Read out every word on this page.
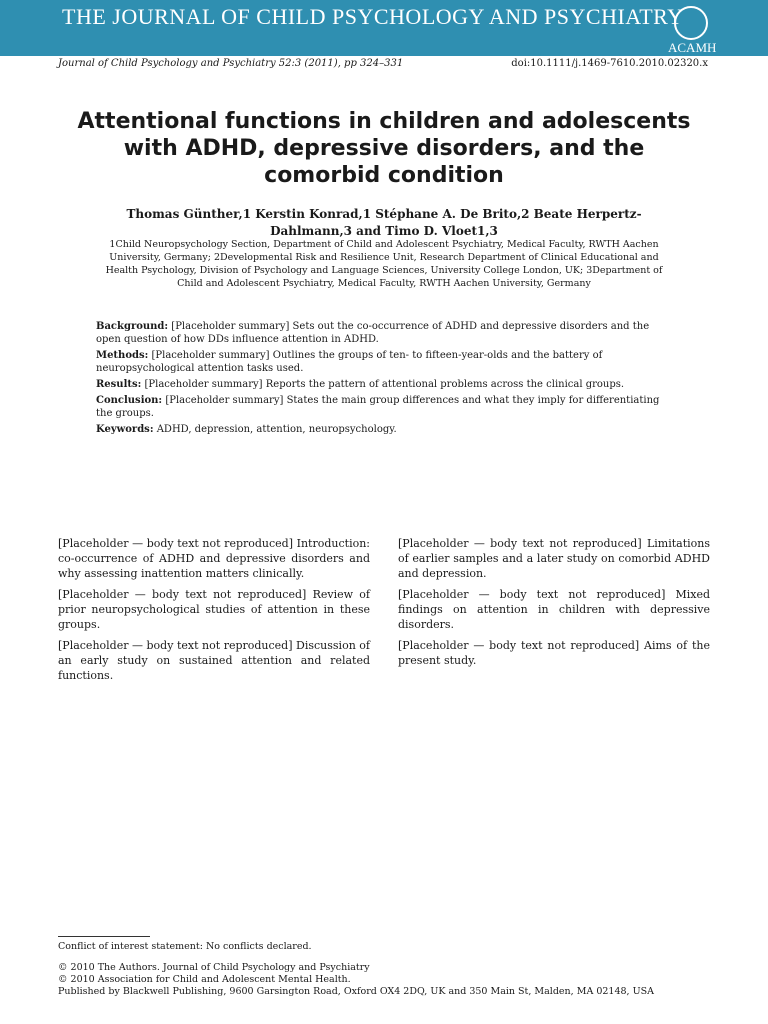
THE JOURNAL OF CHILD PSYCHOLOGY AND PSYCHIATRY
ACAMH
Journal of Child Psychology and Psychiatry 52:3 (2011), pp 324–331	doi:10.1111/j.1469-7610.2010.02320.x
Attentional functions in children and adolescents with ADHD, depressive disorders, and the comorbid condition
Thomas Günther,1 Kerstin Konrad,1 Stéphane A. De Brito,2 Beate Herpertz-Dahlmann,3 and Timo D. Vloet1,3
1Child Neuropsychology Section, Department of Child and Adolescent Psychiatry, Medical Faculty, RWTH Aachen University, Germany; 2Developmental Risk and Resilience Unit, Research Department of Clinical Educational and Health Psychology, Division of Psychology and Language Sciences, University College London, UK; 3Department of Child and Adolescent Psychiatry, Medical Faculty, RWTH Aachen University, Germany

Background: [Placeholder summary] Sets out the co-occurrence of ADHD and depressive disorders and the open question of how DDs influence attention in ADHD.

Methods: [Placeholder summary] Outlines the groups of ten- to fifteen-year-olds and the battery of neuropsychological attention tasks used.

Results: [Placeholder summary] Reports the pattern of attentional problems across the clinical groups.

Conclusion: [Placeholder summary] States the main group differences and what they imply for differentiating the groups.

Keywords: ADHD, depression, attention, neuropsychology.

[Placeholder — body text not reproduced] Introduction: co-occurrence of ADHD and depressive disorders and why assessing inattention matters clinically.

[Placeholder — body text not reproduced] Review of prior neuropsychological studies of attention in these groups.

[Placeholder — body text not reproduced] Discussion of an early study on sustained attention and related functions.

[Placeholder — body text not reproduced] Limitations of earlier samples and a later study on comorbid ADHD and depression.

[Placeholder — body text not reproduced] Mixed findings on attention in children with depressive disorders.

[Placeholder — body text not reproduced] Aims of the present study.

Conflict of interest statement: No conflicts declared.
© 2010 The Authors. Journal of Child Psychology and Psychiatry
© 2010 Association for Child and Adolescent Mental Health.
Published by Blackwell Publishing, 9600 Garsington Road, Oxford OX4 2DQ, UK and 350 Main St, Malden, MA 02148, USA
